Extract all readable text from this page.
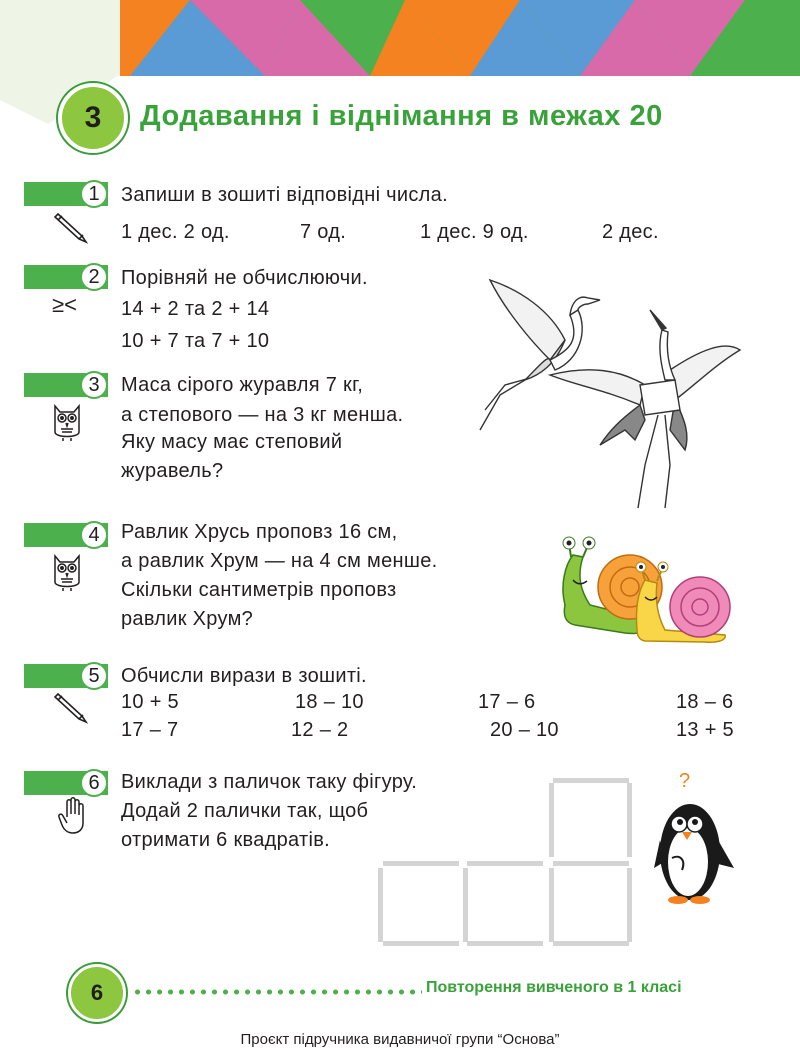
3	Додавання і віднімання в межах 20
1	Запиши в зошиті відповідні числа.
1 дес. 2 од.	7 од.	1 дес. 9 од.	2 дес.
2
≥<
Порівняй не обчислюючи.
14 + 2 та 2 + 14
10 + 7 та 7 + 10
3	Маса сірого журавля 7 кг,
а степового — на 3 кг менша.
Яку масу має степовий
журавель?
4	Равлик Хрусь проповз 16 см,
а равлик Хрум — на 4 см менше.
Скільки сантиметрів проповз
равлик Хрум?
5	Обчисли вирази в зошиті.
10 + 5	18 – 10	17 – 6	18 – 6
17 – 7	12 – 2	20 – 10	13 + 5
6	Виклади з паличок таку фігуру.
Додай 2 палички так, щоб
отримати 6 квадратів.
?
6	Повторення вивченого в 1 класі
Проєкт підручника видавничої групи “Основа”
